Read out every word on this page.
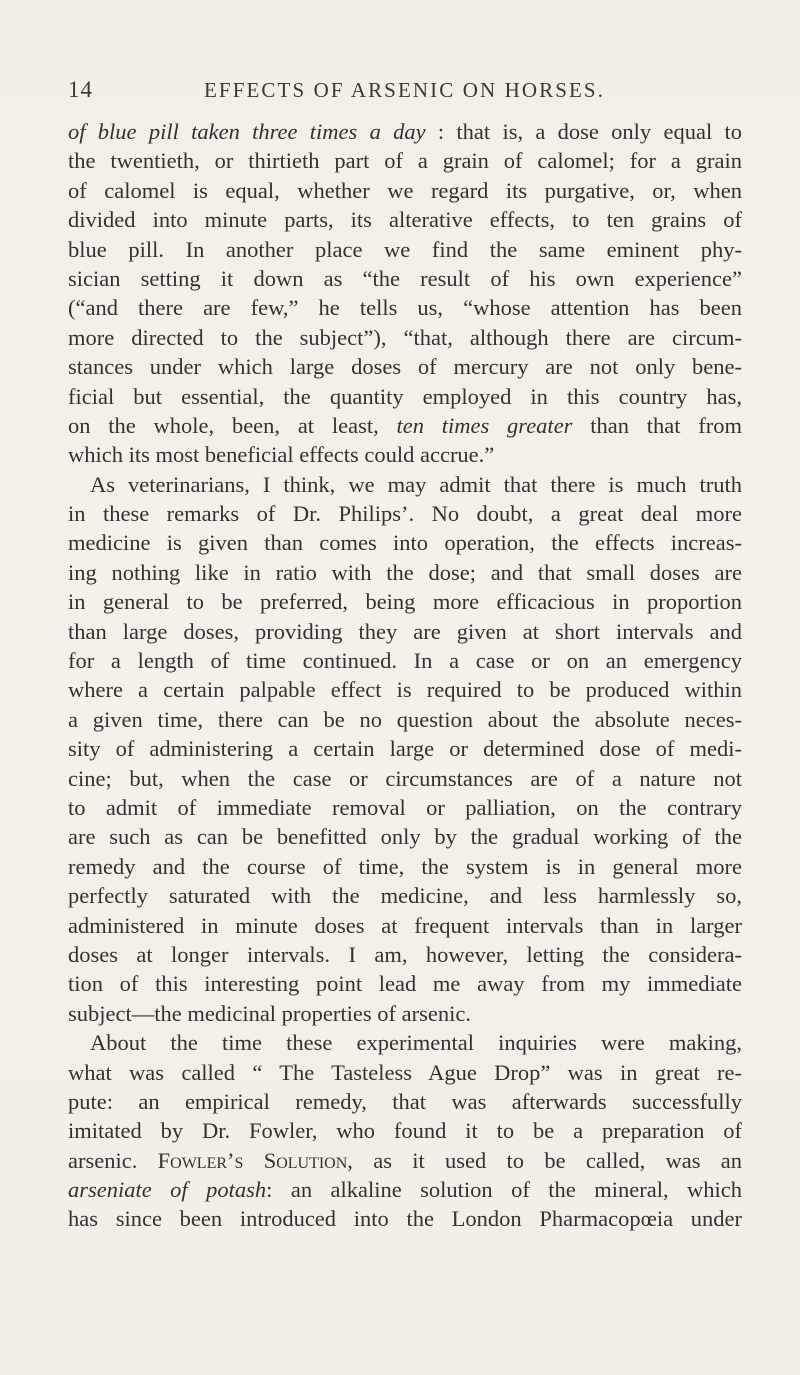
14	EFFECTS OF ARSENIC ON HORSES.
of blue pill taken three times a day : that is, a dose only equal to
the twentieth, or thirtieth part of a grain of calomel; for a grain
of calomel is equal, whether we regard its purgative, or, when
divided into minute parts, its alterative effects, to ten grains of
blue pill. In another place we find the same eminent phy-
sician setting it down as “the result of his own experience”
(“and there are few,” he tells us, “whose attention has been
more directed to the subject”), “that, although there are circum-
stances under which large doses of mercury are not only bene-
ficial but essential, the quantity employed in this country has,
on the whole, been, at least, ten times greater than that from
which its most beneficial effects could accrue.”
As veterinarians, I think, we may admit that there is much truth
in these remarks of Dr. Philips’. No doubt, a great deal more
medicine is given than comes into operation, the effects increas-
ing nothing like in ratio with the dose; and that small doses are
in general to be preferred, being more efficacious in proportion
than large doses, providing they are given at short intervals and
for a length of time continued. In a case or on an emergency
where a certain palpable effect is required to be produced within
a given time, there can be no question about the absolute neces-
sity of administering a certain large or determined dose of medi-
cine; but, when the case or circumstances are of a nature not
to admit of immediate removal or palliation, on the contrary
are such as can be benefitted only by the gradual working of the
remedy and the course of time, the system is in general more
perfectly saturated with the medicine, and less harmlessly so,
administered in minute doses at frequent intervals than in larger
doses at longer intervals. I am, however, letting the considera-
tion of this interesting point lead me away from my immediate
subject—the medicinal properties of arsenic.
About the time these experimental inquiries were making,
what was called “ The Tasteless Ague Drop” was in great re-
pute: an empirical remedy, that was afterwards successfully
imitated by Dr. Fowler, who found it to be a preparation of
arsenic. Fowler’s Solution, as it used to be called, was an
arseniate of potash: an alkaline solution of the mineral, which
has since been introduced into the London Pharmacopœia under
